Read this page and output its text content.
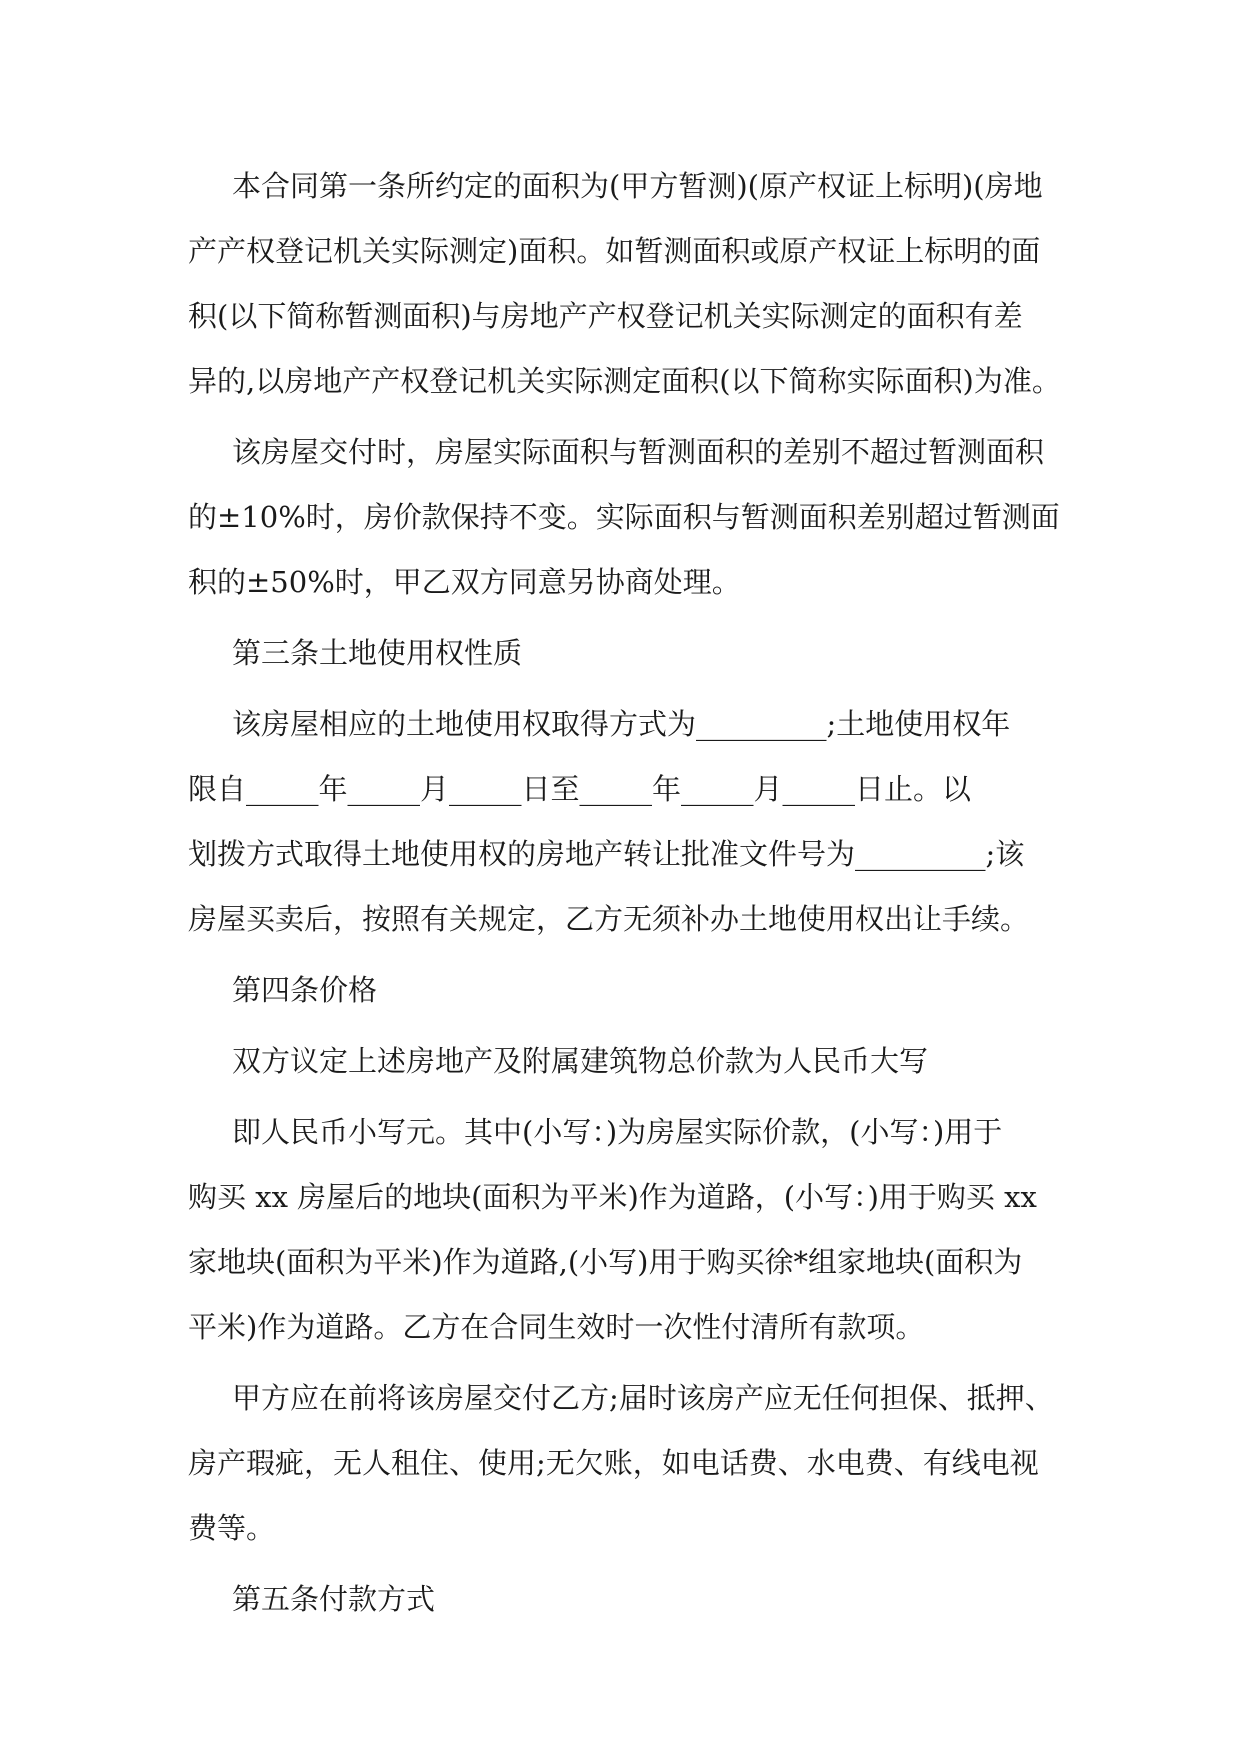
本合同第一条所约定的面积为(甲方暂测)(原产权证上标明)(房地
产产权登记机关实际测定)面积。如暂测面积或原产权证上标明的面
积(以下简称暂测面积)与房地产产权登记机关实际测定的面积有差
异的,以房地产产权登记机关实际测定面积(以下简称实际面积)为准。

该房屋交付时，房屋实际面积与暂测面积的差别不超过暂测面积
的±10%时，房价款保持不变。实际面积与暂测面积差别超过暂测面
积的±50%时，甲乙双方同意另协商处理。

第三条土地使用权性质

该房屋相应的土地使用权取得方式为_________;土地使用权年
限自_____年_____月_____日至_____年_____月_____日止。以
划拨方式取得土地使用权的房地产转让批准文件号为_________;该
房屋买卖后，按照有关规定，乙方无须补办土地使用权出让手续。

第四条价格

双方议定上述房地产及附属建筑物总价款为人民币大写

即人民币小写元。其中(小写：)为房屋实际价款，(小写：)用于
购买 xx 房屋后的地块(面积为平米)作为道路，(小写：)用于购买 xx
家地块(面积为平米)作为道路,(小写)用于购买徐*组家地块(面积为
平米)作为道路。乙方在合同生效时一次性付清所有款项。

甲方应在前将该房屋交付乙方;届时该房产应无任何担保、抵押、
房产瑕疵，无人租住、使用;无欠账，如电话费、水电费、有线电视
费等。

第五条付款方式
